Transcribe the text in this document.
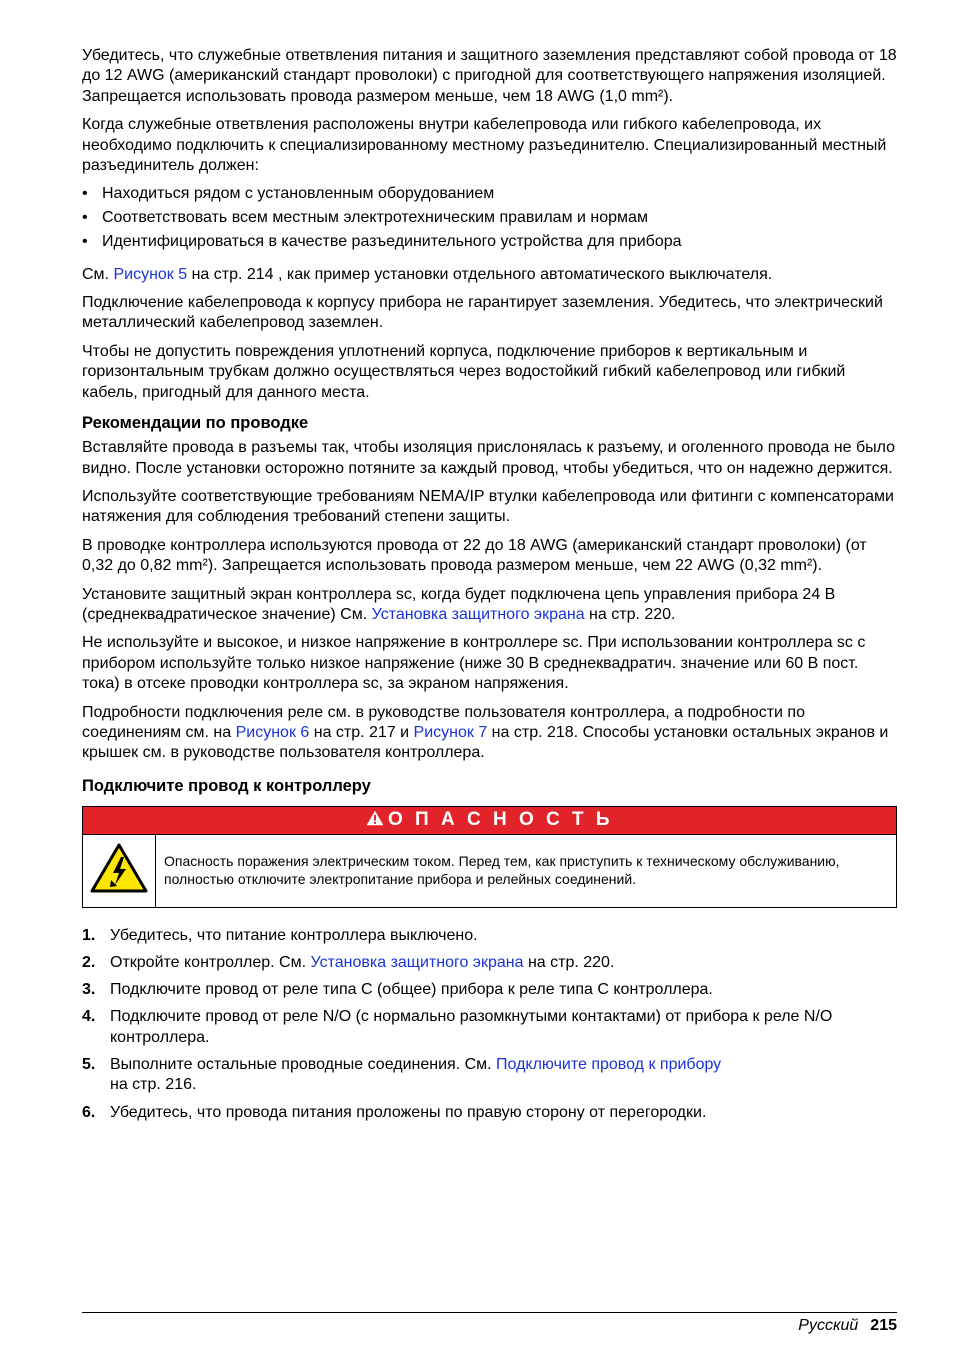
Убедитесь, что служебные ответвления питания и защитного заземления представляют собой провода от 18 до 12 AWG (американский стандарт проволоки) с пригодной для соответствующего напряжения изоляцией. Запрещается использовать провода размером меньше, чем 18 AWG (1,0 mm²).

Когда служебные ответвления расположены внутри кабелепровода или гибкого кабелепровода, их необходимо подключить к специализированному местному разъединителю. Специализированный местный разъединитель должен:

• Находиться рядом с установленным оборудованием
• Соответствовать всем местным электротехническим правилам и нормам
• Идентифицироваться в качестве разъединительного устройства для прибора

См. Рисунок 5 на стр. 214 , как пример установки отдельного автоматического выключателя.

Подключение кабелепровода к корпусу прибора не гарантирует заземления. Убедитесь, что электрический металлический кабелепровод заземлен.

Чтобы не допустить повреждения уплотнений корпуса, подключение приборов к вертикальным и горизонтальным трубкам должно осуществляться через водостойкий гибкий кабелепровод или гибкий кабель, пригодный для данного места.

Рекомендации по проводке

Вставляйте провода в разъемы так, чтобы изоляция прислонялась к разъему, и оголенного провода не было видно. После установки осторожно потяните за каждый провод, чтобы убедиться, что он надежно держится.

Используйте соответствующие требованиям NEMA/IP втулки кабелепровода или фитинги с компенсаторами натяжения для соблюдения требований степени защиты.

В проводке контроллера используются провода от 22 до 18 AWG (американский стандарт проволоки) (от 0,32 до 0,82 mm²). Запрещается использовать провода размером меньше, чем 22 AWG (0,32 mm²).

Установите защитный экран контроллера sc, когда будет подключена цепь управления прибора 24 В (среднеквадратическое значение) См. Установка защитного экрана на стр. 220.

Не используйте и высокое, и низкое напряжение в контроллере sc. При использовании контроллера sc с прибором используйте только низкое напряжение (ниже 30 В среднеквадратич. значение или 60 В пост. тока) в отсеке проводки контроллера sc, за экраном напряжения.

Подробности подключения реле см. в руководстве пользователя контроллера, а подробности по соединениям см. на Рисунок 6 на стр. 217 и Рисунок 7 на стр. 218. Способы установки остальных экранов и крышек см. в руководстве пользователя контроллера.

Подключите провод к контроллеру
О П А С Н О С Т Ь
Опасность поражения электрическим током. Перед тем, как приступить к техническому обслуживанию, полностью отключите электропитание прибора и релейных соединений.
1. Убедитесь, что питание контроллера выключено.
2. Откройте контроллер. См. Установка защитного экрана на стр. 220.
3. Подключите провод от реле типа C (общее) прибора к реле типа C контроллера.
4. Подключите провод от реле N/O (с нормально разомкнутыми контактами) от прибора к реле N/O контроллера.
5. Выполните остальные проводные соединения. См. Подключите провод к прибору
на стр. 216.
6. Убедитесь, что провода питания проложены по правую сторону от перегородки.
Русский 215
